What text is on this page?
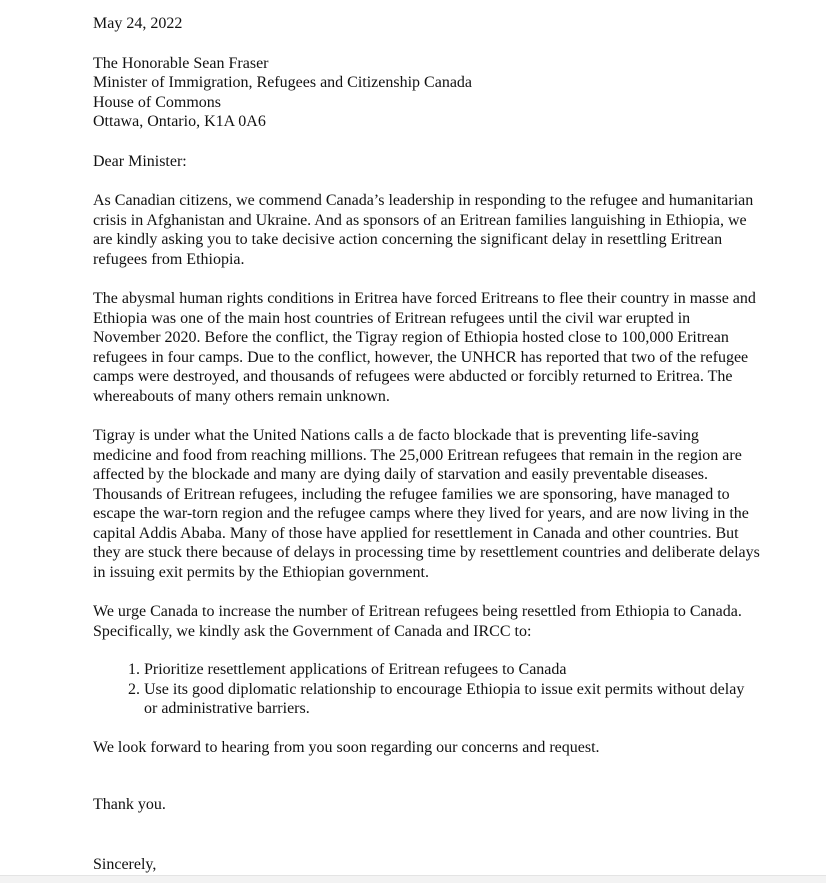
May 24, 2022

The Honorable Sean Fraser
Minister of Immigration, Refugees and Citizenship Canada
House of Commons
Ottawa, Ontario, K1A 0A6

Dear Minister:

As Canadian citizens, we commend Canada’s leadership in responding to the refugee and humanitarian crisis in Afghanistan and Ukraine. And as sponsors of an Eritrean families languishing in Ethiopia, we are kindly asking you to take decisive action concerning the significant delay in resettling Eritrean refugees from Ethiopia.

The abysmal human rights conditions in Eritrea have forced Eritreans to flee their country in masse and Ethiopia was one of the main host countries of Eritrean refugees until the civil war erupted in November 2020. Before the conflict, the Tigray region of Ethiopia hosted close to 100,000 Eritrean refugees in four camps. Due to the conflict, however, the UNHCR has reported that two of the refugee camps were destroyed, and thousands of refugees were abducted or forcibly returned to Eritrea. The whereabouts of many others remain unknown.

Tigray is under what the United Nations calls a de facto blockade that is preventing life-saving medicine and food from reaching millions. The 25,000 Eritrean refugees that remain in the region are affected by the blockade and many are dying daily of starvation and easily preventable diseases. Thousands of Eritrean refugees, including the refugee families we are sponsoring, have managed to escape the war-torn region and the refugee camps where they lived for years, and are now living in the capital Addis Ababa. Many of those have applied for resettlement in Canada and other countries. But they are stuck there because of delays in processing time by resettlement countries and deliberate delays in issuing exit permits by the Ethiopian government.

We urge Canada to increase the number of Eritrean refugees being resettled from Ethiopia to Canada. Specifically, we kindly ask the Government of Canada and IRCC to:

1. Prioritize resettlement applications of Eritrean refugees to Canada
2. Use its good diplomatic relationship to encourage Ethiopia to issue exit permits without delay or administrative barriers.

We look forward to hearing from you soon regarding our concerns and request.

Thank you.

Sincerely,
